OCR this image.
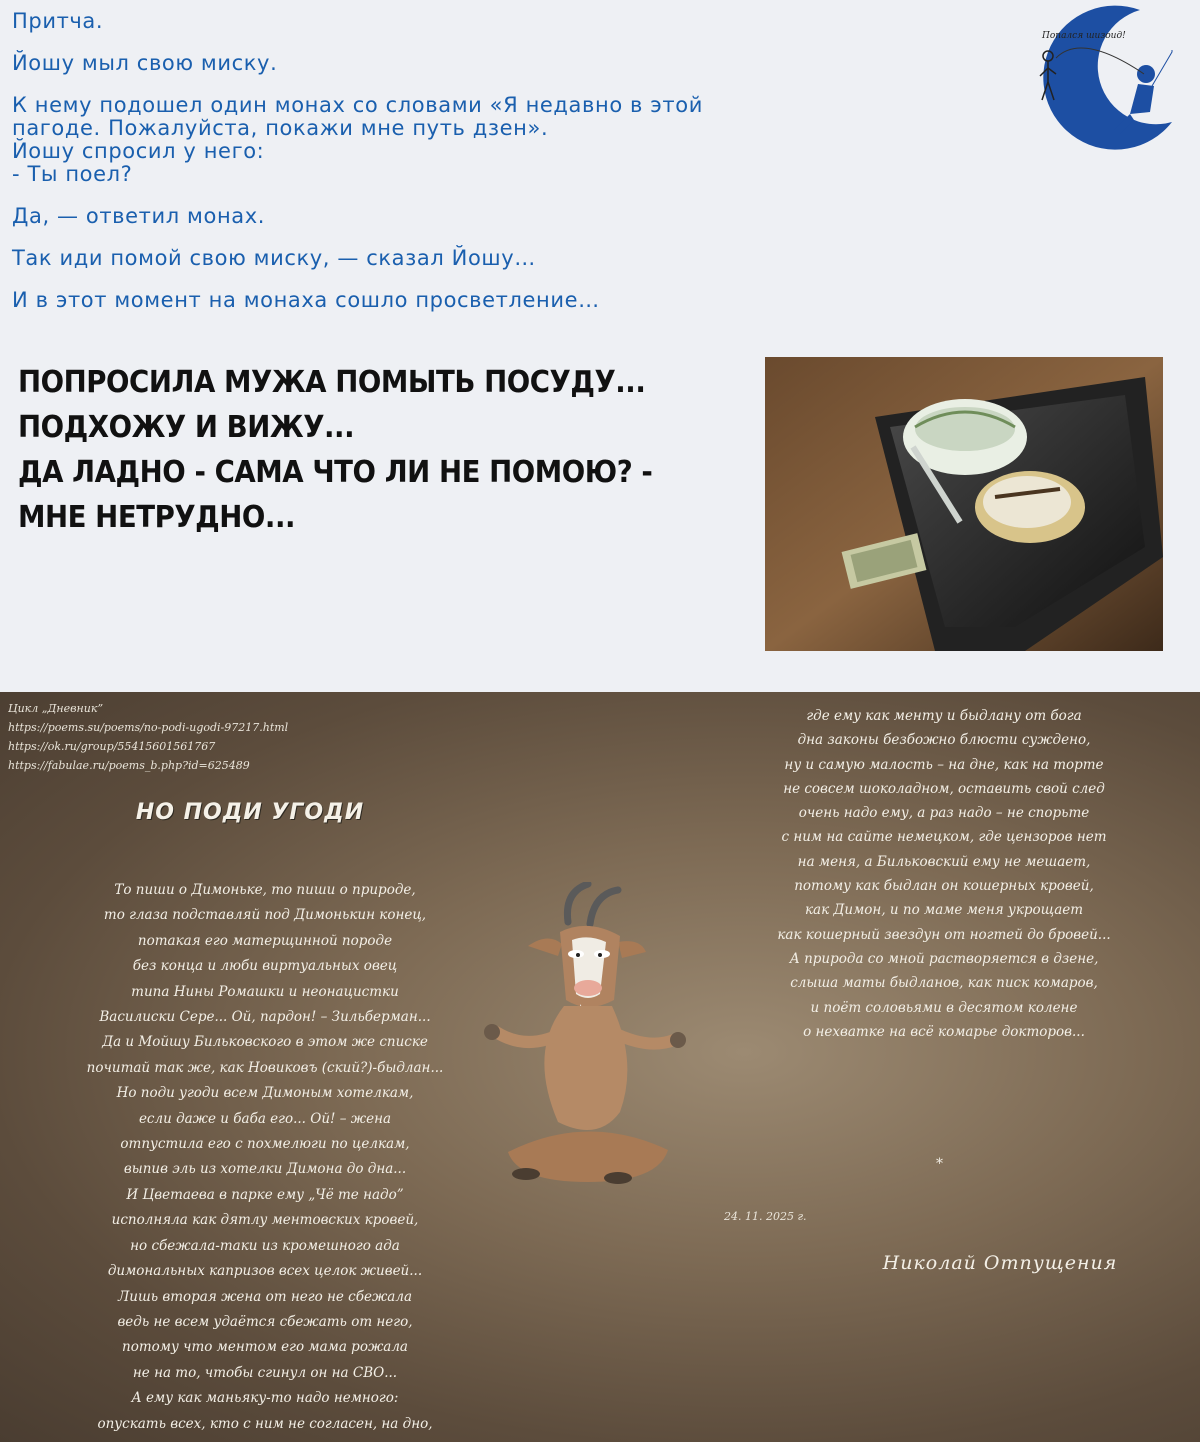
Притча.

Йошу мыл свою миску.

К нему подошел один монах со словами «Я недавно в этой

пагоде. Пожалуйста, покажи мне путь дзен».

Йошу спросил у него:

- Ты поел?

Да, — ответил монах.

Так иди помой свою миску, — сказал Йошу…

И в этот момент на монаха сошло просветление…

Попался шизоид!
ПОПРОСИЛА МУЖА ПОМЫТЬ ПОСУДУ...
ПОДХОЖУ И ВИЖУ...
ДА ЛАДНО - САМА ЧТО ЛИ НЕ ПОМОЮ? -
МНЕ НЕТРУДНО...
Цикл „Дневник”
https://poems.su/poems/no-podi-ugodi-97217.html
https://ok.ru/group/55415601561767
https://fabulae.ru/poems_b.php?id=625489
НО ПОДИ УГОДИ
То пиши о Димоньке, то пиши о природе,
то глаза подставляй под Димонькин конец,
потакая его матерщинной породе
без конца и люби виртуальных овец
типа Нины Ромашки и неонацистки
Василиски Сере... Ой, пардон! – Зильберман...
Да и Мойшу Бильковского в этом же списке
почитай так же, как Новиковъ (ский?)-быдлан...
Но поди угоди всем Димоным хотелкам,
если даже и баба его... Ой! – жена
отпустила его с похмелюги по целкам,
выпив эль из хотелки Димона до дна...
И Цветаева в парке ему „Чё те надо”
исполняла как дятлу ментовских кровей,
но сбежала-таки из кромешного ада
димональных капризов всех целок живей...
Лишь вторая жена от него не сбежала
ведь не всем удаётся сбежать от него,
потому что ментом его мама рожала
не на то, чтобы сгинул он на СВО...
А ему как маньяку-то надо немного:
опускать всех, кто с ним не согласен, на дно,
где ему как менту и быдлану от бога
дна законы безбожно блюсти суждено,
ну и самую малость – на дне, как на торте
не совсем шоколадном, оставить свой след
очень надо ему, а раз надо – не спорьте
с ним на сайте немецком, где цензоров нет
на меня, а Бильковский ему не мешает,
потому как быдлан он кошерных кровей,
как Димон, и по маме меня укрощает
как кошерный звездун от ногтей до бровей...
А природа со мной растворяется в дзене,
слыша маты быдланов, как писк комаров,
и поёт соловьями в десятом колене
о нехватке на всё комарье докторов...
*
24. 11. 2025 г.
Николай Отпущения
